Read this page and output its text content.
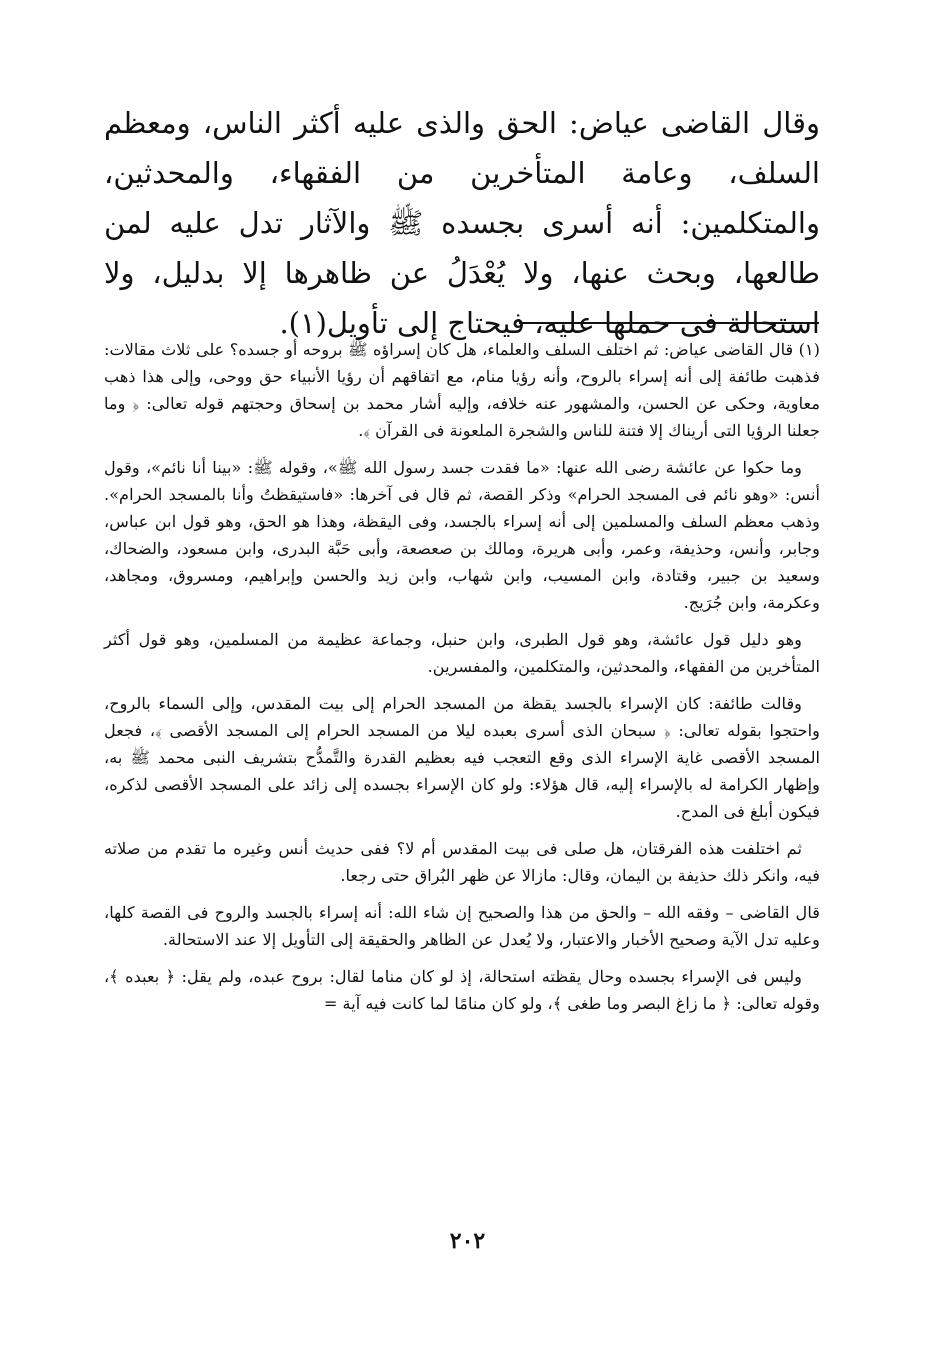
وقال القاضى عياض: الحق والذى عليه أكثر الناس، ومعظم السلف، وعامة المتأخرين من الفقهاء، والمحدثين، والمتكلمين: أنه أسرى بجسده ﷺ والآثار تدل عليه لمن طالعها، وبحث عنها، ولا يُعْدَلُ عن ظاهرها إلا بدليل، ولا استحالة فى حملها عليه، فيحتاج إلى تأويل(١).

(١) قال القاضى عياض: ثم اختلف السلف والعلماء، هل كان إسراؤه ﷺ بروحه أو جسده؟ على ثلاث مقالات: فذهبت طائفة إلى أنه إسراء بالروح، وأنه رؤيا منام، مع اتفاقهم أن رؤيا الأنبياء حق ووحى، وإلى هذا ذهب معاوية، وحكى عن الحسن، والمشهور عنه خلافه، وإليه أشار محمد بن إسحاق وحجتهم قوله تعالى: ﴿ وما جعلنا الرؤيا التى أريناك إلا فتنة للناس والشجرة الملعونة فى القرآن ﴾.

وما حكوا عن عائشة رضى الله عنها: «ما فقدت جسد رسول الله ﷺ»، وقوله ﷺ: «بينا أنا نائم»، وقول أنس: «وهو نائم فى المسجد الحرام» وذكر القصة، ثم قال فى آخرها: «فاستيقظتُ وأنا بالمسجد الحرام». وذهب معظم السلف والمسلمين إلى أنه إسراء بالجسد، وفى اليقظة، وهذا هو الحق، وهو قول ابن عباس، وجابر، وأنس، وحذيفة، وعمر، وأبى هريرة، ومالك بن صعصعة، وأبى حَبَّة البدرى، وابن مسعود، والضحاك، وسعيد بن جبير، وقتادة، وابن المسيب، وابن شهاب، وابن زيد والحسن وإبراهيم، ومسروق، ومجاهد، وعكرمة، وابن جُرَيج.

وهو دليل قول عائشة، وهو قول الطبرى، وابن حنبل، وجماعة عظيمة من المسلمين، وهو قول أكثر المتأخرين من الفقهاء، والمحدثين، والمتكلمين، والمفسرين.

وقالت طائفة: كان الإسراء بالجسد يقظة من المسجد الحرام إلى بيت المقدس، وإلى السماء بالروح، واحتجوا بقوله تعالى: ﴿ سبحان الذى أسرى بعبده ليلا من المسجد الحرام إلى المسجد الأقصى ﴾، فجعل المسجد الأقصى غاية الإسراء الذى وقع التعجب فيه بعظيم القدرة والتَّمدُّح بتشريف النبى محمد ﷺ به، وإظهار الكرامة له بالإسراء إليه، قال هؤلاء: ولو كان الإسراء بجسده إلى زائد على المسجد الأقصى لذكره، فيكون أبلغ فى المدح.

ثم اختلفت هذه الفرقتان، هل صلى فى بيت المقدس أم لا؟ ففى حديث أنس وغيره ما تقدم من صلاته فيه، وانكر ذلك حذيفة بن اليمان، وقال: مازالا عن ظهر البُراق حتى رجعا.

قال القاضى – وفقه الله – والحق من هذا والصحيح إن شاء الله: أنه إسراء بالجسد والروح فى القصة كلها، وعليه تدل الآية وصحيح الأخبار والاعتبار، ولا يُعدل عن الظاهر والحقيقة إلى التأويل إلا عند الاستحالة.

وليس فى الإسراء بجسده وحال يقظته استحالة، إذ لو كان مناما لقال: بروح عبده، ولم يقل: ﴿ بعبده ﴾، وقوله تعالى: ﴿ ما زاغ البصر وما طغى ﴾، ولو كان منامًا لما كانت فيه آية =

٢٠٢
